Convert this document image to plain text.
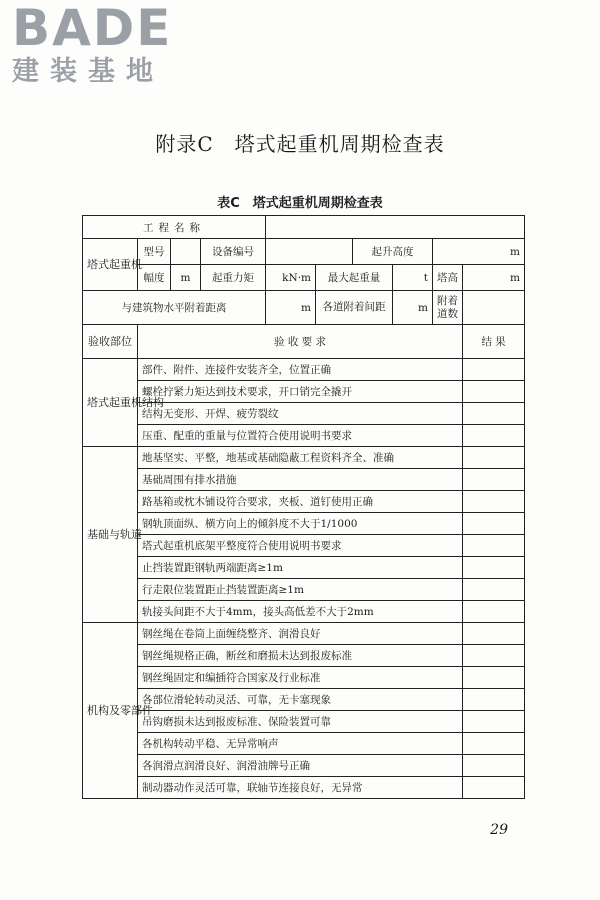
BADE
建装基地
附录C　塔式起重机周期检查表
表C　塔式起重机周期检查表
工程名称									
塔式起重机	型号		设备编号			起升高度		m	
	幅度	m	起重力矩	kN·m	最大起重量		t	塔高	m
与建筑物水平附着距离				m	各道附着间距		m	附着道数	
验收部位	验 收 要 求								结 果
塔式起重机结构	部件、附件、连接件安装齐全，位置正确								
	螺栓拧紧力矩达到技术要求，开口销完全撬开								
	结构无变形、开焊、疲劳裂纹								
	压重、配重的重量与位置符合使用说明书要求								
基础与轨道	地基坚实、平整，地基或基础隐蔽工程资料齐全、准确								
	基础周围有排水措施								
	路基箱或枕木铺设符合要求，夹板、道钉使用正确								
	钢轨顶面纵、横方向上的倾斜度不大于1/1000								
	塔式起重机底架平整度符合使用说明书要求								
	止挡装置距钢轨两端距离≥1m								
	行走限位装置距止挡装置距离≥1m								
	轨接头间距不大于4mm，接头高低差不大于2mm								
机构及零部件	钢丝绳在卷筒上面缠绕整齐、润滑良好								
	钢丝绳规格正确，断丝和磨损未达到报废标准								
	钢丝绳固定和编插符合国家及行业标准								
	各部位滑轮转动灵活、可靠，无卡塞现象								
	吊钩磨损未达到报废标准、保险装置可靠								
	各机构转动平稳、无异常响声								
	各润滑点润滑良好、润滑油牌号正确								
	制动器动作灵活可靠，联轴节连接良好，无异常								
29
